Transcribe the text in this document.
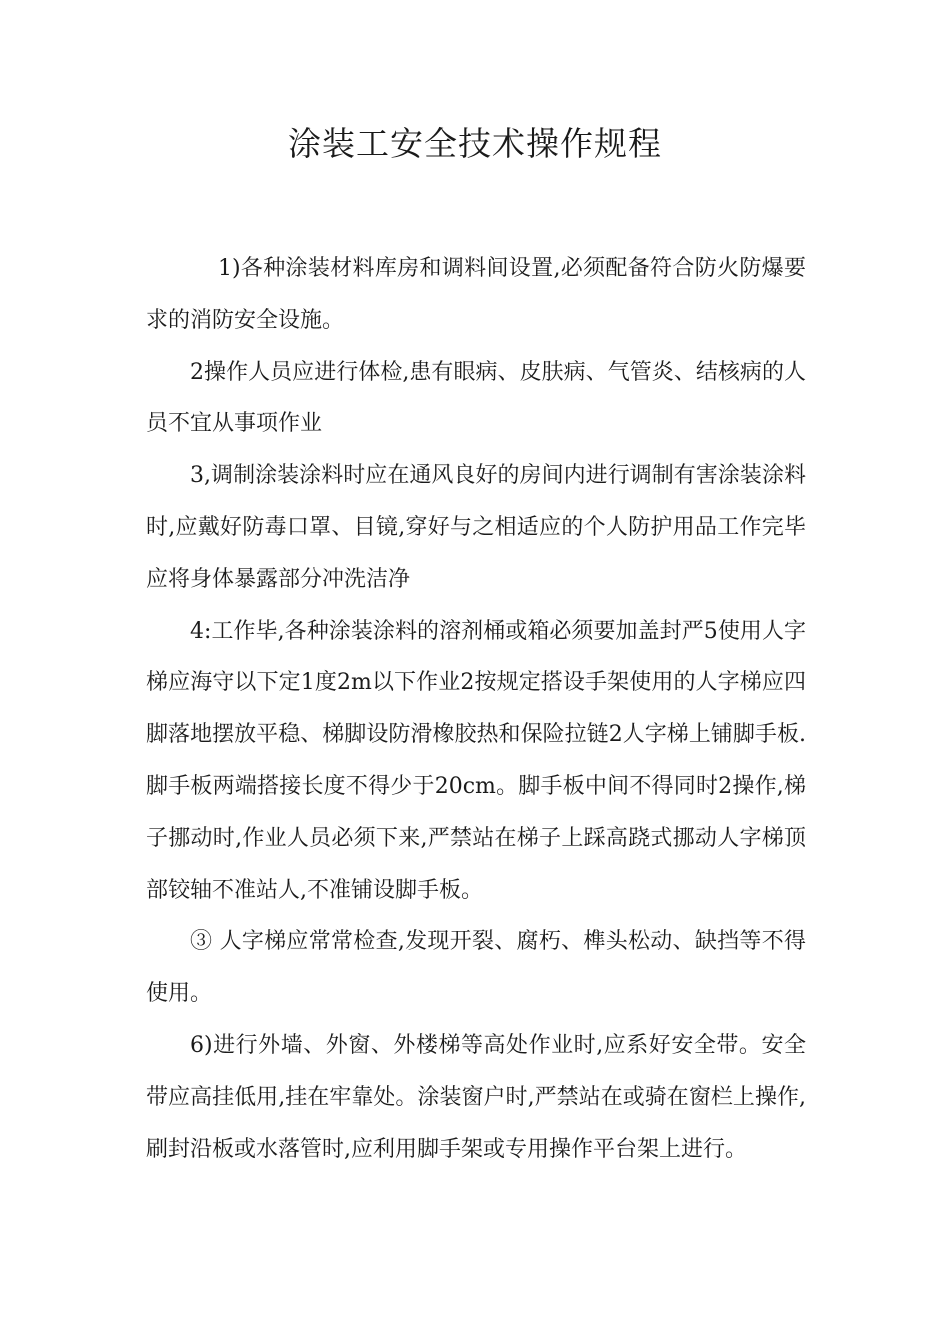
涂装工安全技术操作规程

1)各种涂装材料库房和调料间设置,必须配备符合防火防爆要求的消防安全设施。

2操作人员应进行体检,患有眼病、皮肤病、气管炎、结核病的人员不宜从事项作业

3,调制涂装涂料时应在通风良好的房间内进行调制有害涂装涂料时,应戴好防毒口罩、目镜,穿好与之相适应的个人防护用品工作完毕应将身体暴露部分冲洗洁净

4:工作毕,各种涂装涂料的溶剂桶或箱必须要加盖封严5使用人字梯应海守以下定1度2m以下作业2按规定搭设手架使用的人字梯应四脚落地摆放平稳、梯脚设防滑橡胶热和保险拉链2人字梯上铺脚手板.脚手板两端搭接长度不得少于20cm。脚手板中间不得同时2操作,梯子挪动时,作业人员必须下来,严禁站在梯子上踩高跷式挪动人字梯顶部铰轴不准站人,不准铺设脚手板。

③ 人字梯应常常检查,发现开裂、腐朽、榫头松动、缺挡等不得使用。

6)进行外墙、外窗、外楼梯等高处作业时,应系好安全带。安全带应高挂低用,挂在牢靠处。涂装窗户时,严禁站在或骑在窗栏上操作,刷封沿板或水落管时,应利用脚手架或专用操作平台架上进行。
